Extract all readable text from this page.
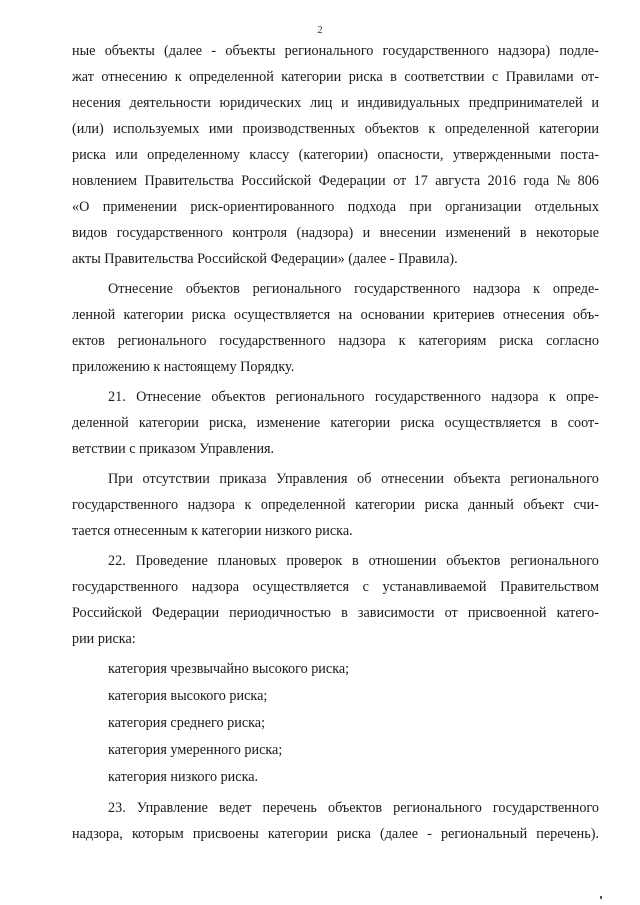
2
ные объекты (далее - объекты регионального государственного надзора) подле-
жат отнесению к определенной категории риска в соответствии с Правилами от-
несения деятельности юридических лиц и индивидуальных предпринимателей и
(или) используемых ими производственных объектов к определенной категории
риска или определенному классу (категории) опасности, утвержденными поста-
новлением Правительства Российской Федерации от 17 августа 2016 года № 806
«О применении риск-ориентированного подхода при организации отдельных
видов государственного контроля (надзора) и внесении изменений в некоторые
акты Правительства Российской Федерации» (далее - Правила).
Отнесение объектов регионального государственного надзора к опреде-
ленной категории риска осуществляется на основании критериев отнесения объ-
ектов регионального государственного надзора к категориям риска согласно
приложению к настоящему Порядку.
21. Отнесение объектов регионального государственного надзора к опре-
деленной категории риска, изменение категории риска осуществляется в соот-
ветствии с приказом Управления.
При отсутствии приказа Управления об отнесении объекта регионального
государственного надзора к определенной категории риска данный объект счи-
тается отнесенным к категории низкого риска.
22. Проведение плановых проверок в отношении объектов регионального
государственного надзора осуществляется с устанавливаемой Правительством
Российской Федерации периодичностью в зависимости от присвоенной катего-
рии риска:
категория чрезвычайно высокого риска;
категория высокого риска;
категория среднего риска;
категория умеренного риска;
категория низкого риска.
23. Управление ведет перечень объектов регионального государственного
надзора, которым присвоены категории риска (далее - региональный перечень).
